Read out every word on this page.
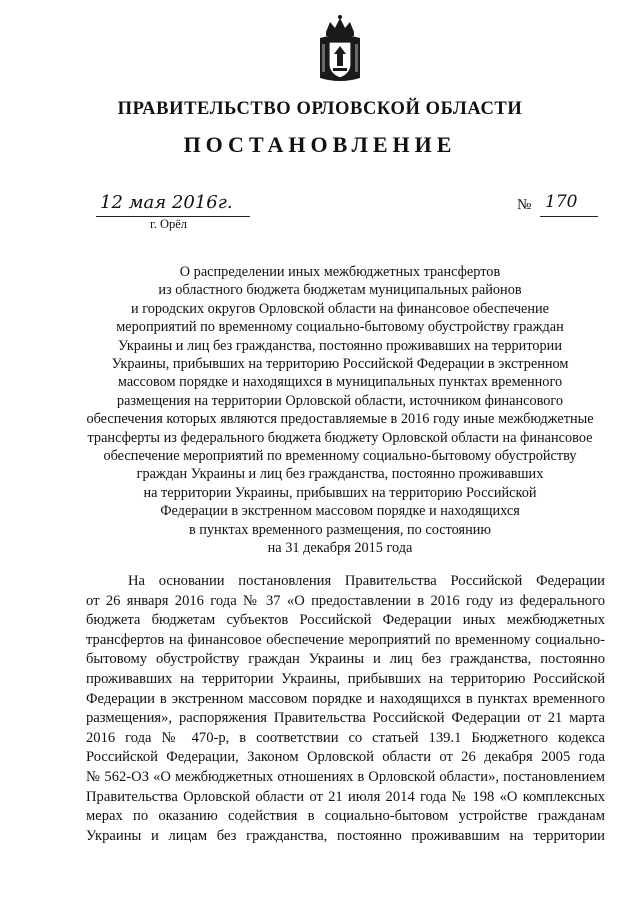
ПРАВИТЕЛЬСТВО ОРЛОВСКОЙ ОБЛАСТИ
ПОСТАНОВЛЕНИЕ
12 мая 2016г.
г. Орёл
№ 170
О распределении иных межбюджетных трансфертов
из областного бюджета бюджетам муниципальных районов
и городских округов Орловской области на финансовое обеспечение
мероприятий по временному социально-бытовому обустройству граждан
Украины и лиц без гражданства, постоянно проживавших на территории
Украины, прибывших на территорию Российской Федерации в экстренном
массовом порядке и находящихся в муниципальных пунктах временного
размещения на территории Орловской области, источником финансового
обеспечения которых являются предоставляемые в 2016 году иные межбюджетные
трансферты из федерального бюджета бюджету Орловской области на финансовое
обеспечение мероприятий по временному социально-бытовому обустройству
граждан Украины и лиц без гражданства, постоянно проживавших
на территории Украины, прибывших на территорию Российской
Федерации в экстренном массовом порядке и находящихся
в пунктах временного размещения, по состоянию
на 31 декабря 2015 года
На основании постановления Правительства Российской Федерации
от 26 января 2016 года № 37 «О предоставлении в 2016 году из федерального
бюджета бюджетам субъектов Российской Федерации иных межбюджетных
трансфертов на финансовое обеспечение мероприятий по временному социально-
бытовому обустройству граждан Украины и лиц без гражданства, постоянно
проживавших на территории Украины, прибывших на территорию Российской
Федерации в экстренном массовом порядке и находящихся в пунктах временного
размещения», распоряжения Правительства Российской Федерации от 21 марта
2016 года № 470-р, в соответствии со статьей 139.1 Бюджетного кодекса
Российской Федерации, Законом Орловской области от 26 декабря 2005 года
№ 562-ОЗ «О межбюджетных отношениях в Орловской области», постановлением
Правительства Орловской области от 21 июля 2014 года № 198 «О комплексных
мерах по оказанию содействия в социально-бытовом устройстве гражданам
Украины и лицам без гражданства, постоянно проживавшим на территории
